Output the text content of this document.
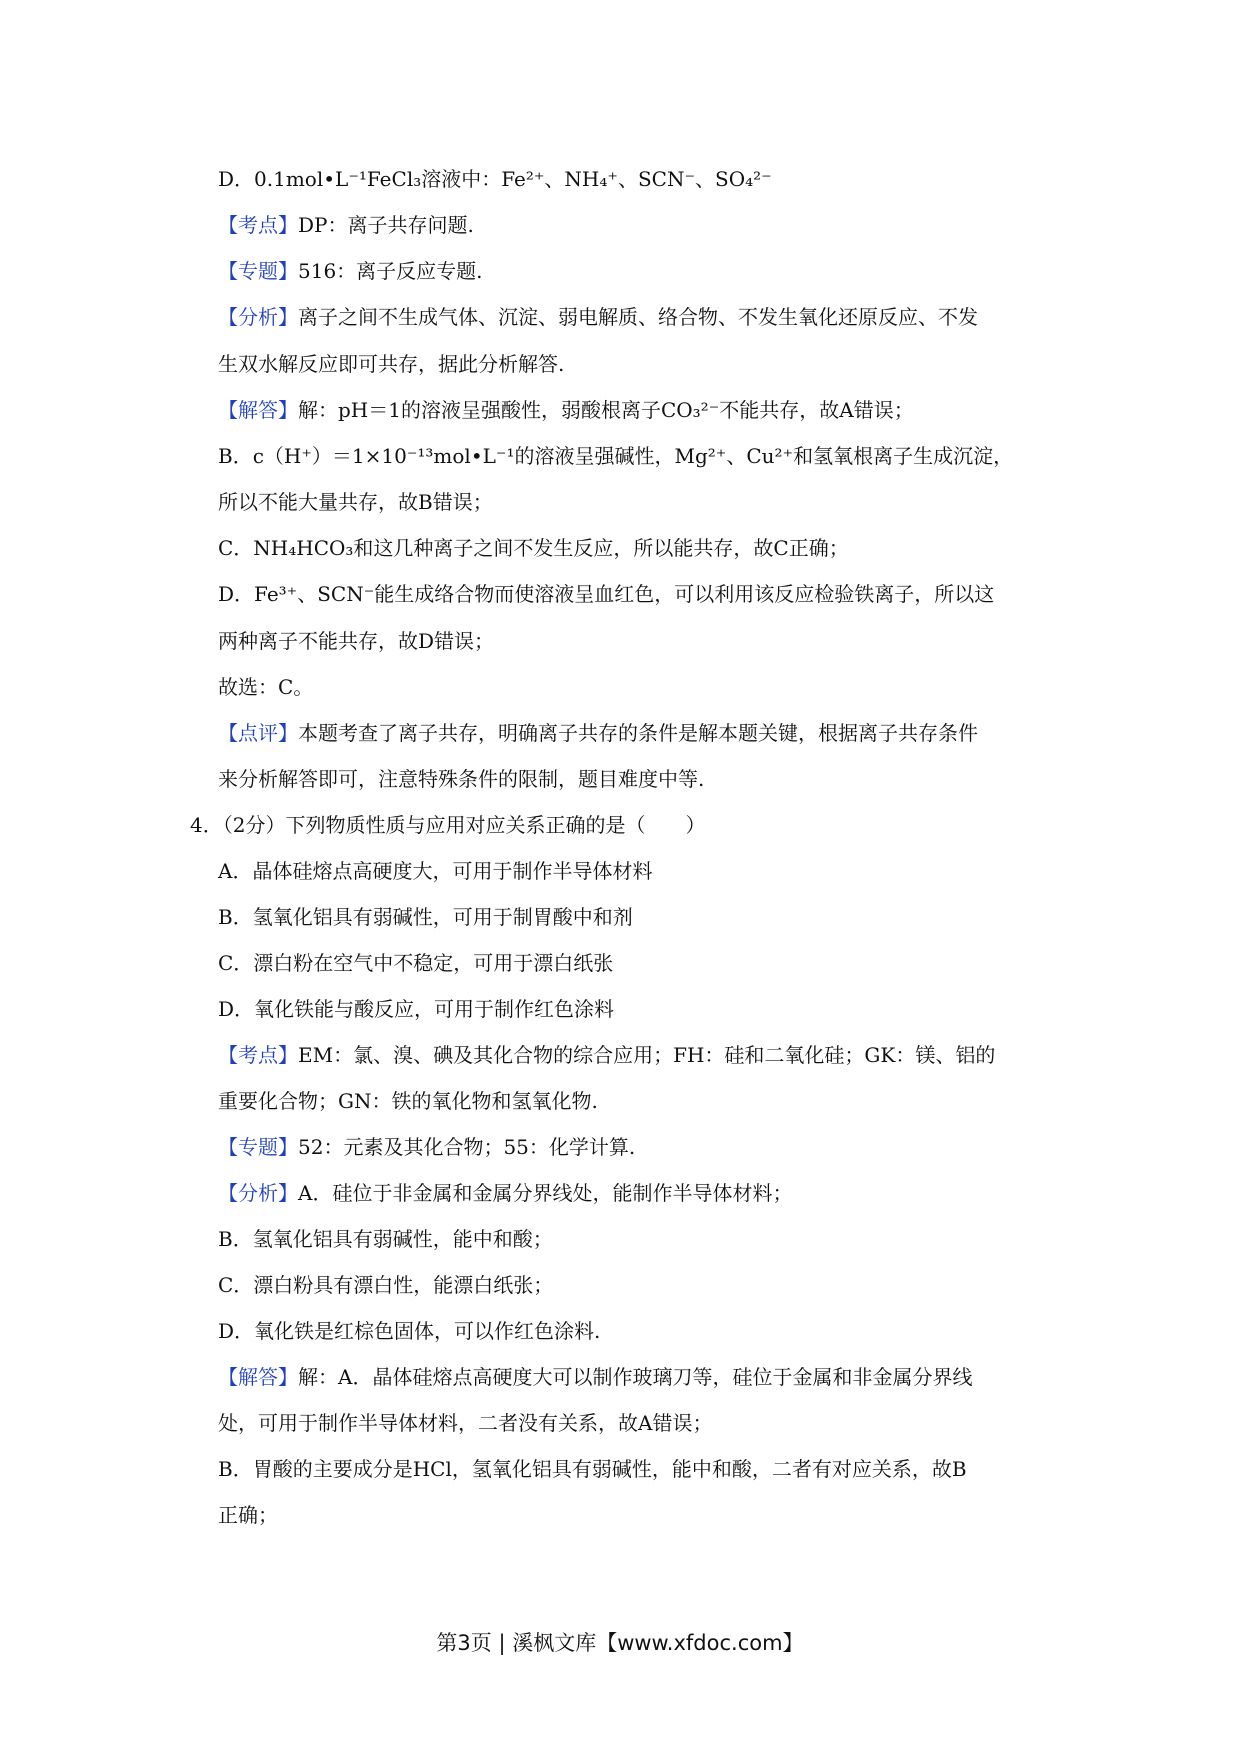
D．0.1mol•L⁻¹FeCl₃溶液中：Fe²⁺、NH₄⁺、SCN⁻、SO₄²⁻
【考点】DP：离子共存问题.
【专题】516：离子反应专题.
【分析】离子之间不生成气体、沉淀、弱电解质、络合物、不发生氧化还原反应、不发
生双水解反应即可共存，据此分析解答.
【解答】解：pH＝1的溶液呈强酸性，弱酸根离子CO₃²⁻不能共存，故A错误；
B．c（H⁺）＝1×10⁻¹³mol•L⁻¹的溶液呈强碱性，Mg²⁺、Cu²⁺和氢氧根离子生成沉淀，
所以不能大量共存，故B错误；
C．NH₄HCO₃和这几种离子之间不发生反应，所以能共存，故C正确；
D．Fe³⁺、SCN⁻能生成络合物而使溶液呈血红色，可以利用该反应检验铁离子，所以这
两种离子不能共存，故D错误；
故选：C。
【点评】本题考查了离子共存，明确离子共存的条件是解本题关键，根据离子共存条件
来分析解答即可，注意特殊条件的限制，题目难度中等.
4．（2分）下列物质性质与应用对应关系正确的是（　　）
A．晶体硅熔点高硬度大，可用于制作半导体材料
B．氢氧化铝具有弱碱性，可用于制胃酸中和剂
C．漂白粉在空气中不稳定，可用于漂白纸张
D．氧化铁能与酸反应，可用于制作红色涂料
【考点】EM：氯、溴、碘及其化合物的综合应用；FH：硅和二氧化硅；GK：镁、铝的
重要化合物；GN：铁的氧化物和氢氧化物.
【专题】52：元素及其化合物；55：化学计算.
【分析】A．硅位于非金属和金属分界线处，能制作半导体材料；
B．氢氧化铝具有弱碱性，能中和酸；
C．漂白粉具有漂白性，能漂白纸张；
D．氧化铁是红棕色固体，可以作红色涂料.
【解答】解：A．晶体硅熔点高硬度大可以制作玻璃刀等，硅位于金属和非金属分界线
处，可用于制作半导体材料，二者没有关系，故A错误；
B．胃酸的主要成分是HCl，氢氧化铝具有弱碱性，能中和酸，二者有对应关系，故B
正确；
第3页 | 溪枫文库【www.xfdoc.com】
